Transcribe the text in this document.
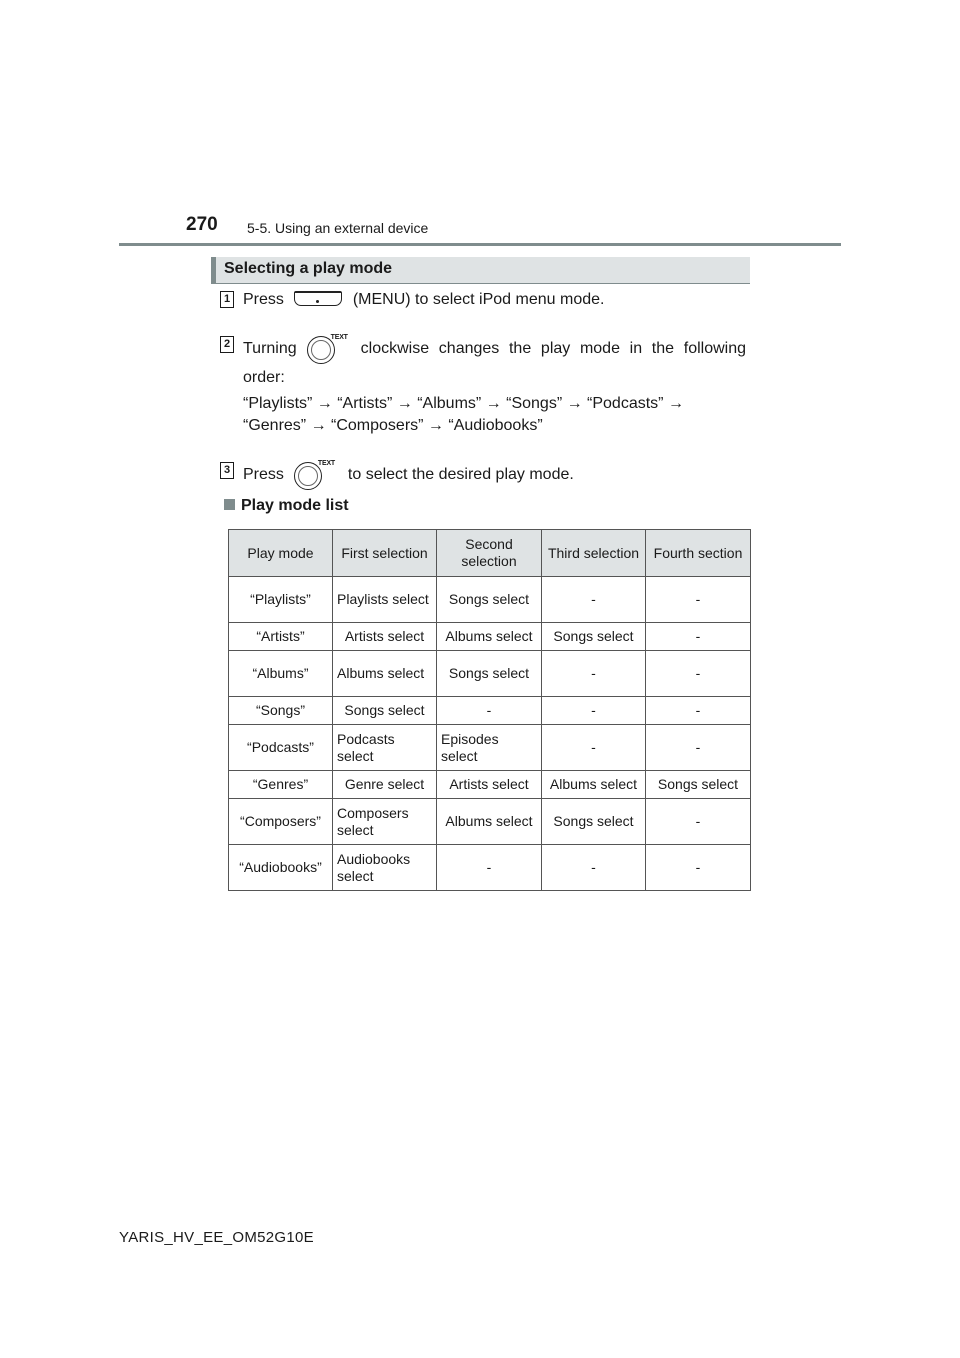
270 5-5. Using an external device
Selecting a play mode
1 Press	(MENU) to select iPod menu mode.
2 Turning
TEXT
clockwise changes the play mode in the following
order:
“Playlists” → “Artists” → “Albums” → “Songs” → “Podcasts” →
“Genres” → “Composers” → “Audiobooks”
3 Press
TEXT
to select the desired play mode.
Play mode list
Play mode	First selection	Second selection	Third selection	Fourth section
“Playlists”	Playlists select	Songs select	-	-
“Artists”	Artists select	Albums select	Songs select	-
“Albums”	Albums select	Songs select	-	-
“Songs”	Songs select	-	-	-
“Podcasts”	Podcasts select	Episodes select	-	-
“Genres”	Genre select	Artists select	Albums select	Songs select
“Composers”	Composers select	Albums select	Songs select	-
“Audiobooks”	Audiobooks select	-	-	-
YARIS_HV_EE_OM52G10E
